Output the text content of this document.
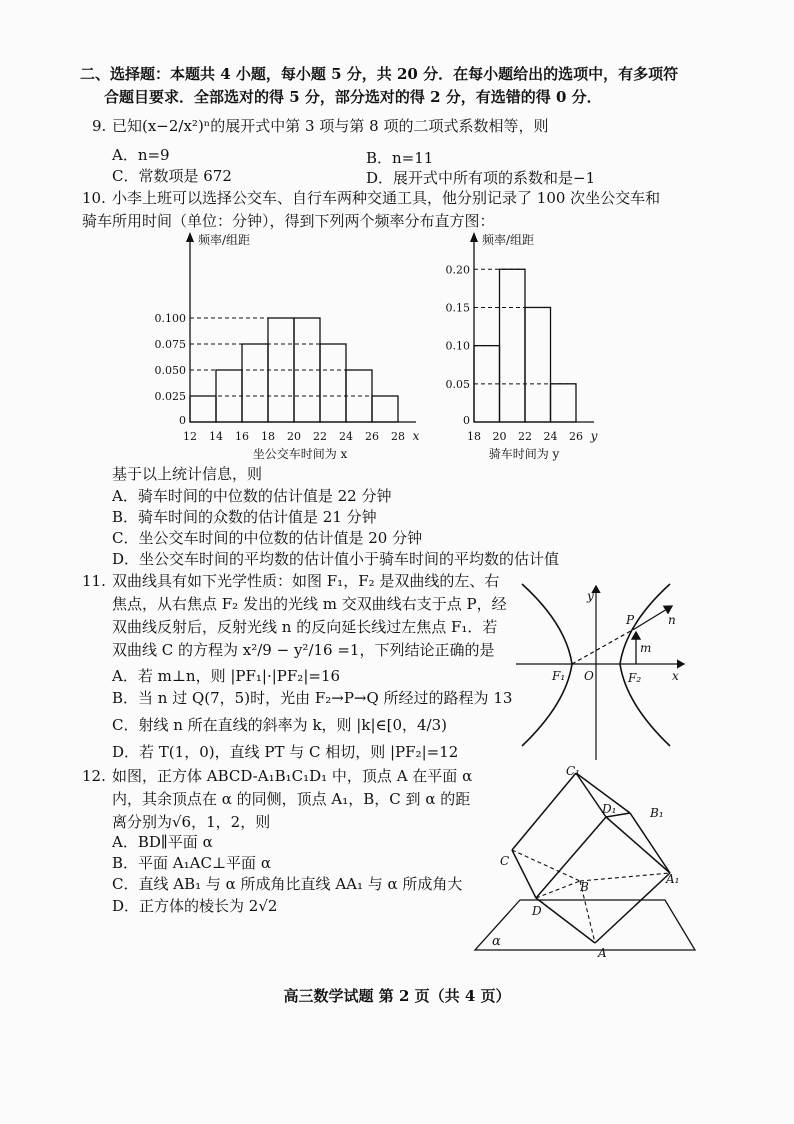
二、选择题：本题共 4 小题，每小题 5 分，共 20 分．在每小题给出的选项中，有多项符
合题目要求．全部选对的得 5 分，部分选对的得 2 分，有选错的得 0 分．
9. 已知(x−2/x²)ⁿ的展开式中第 3 项与第 8 项的二项式系数相等，则
A．n=9	B．n=11
C．常数项是 672	D．展开式中所有项的系数和是−1
10. 小李上班可以选择公交车、自行车两种交通工具，他分别记录了 100 次坐公交车和
骑车所用时间（单位：分钟），得到下列两个频率分布直方图：
0.025
0.050
0.075
0.100
0
12 14 16 18 20 22 24 26 28 x
频率/组距
坐公交车时间为 x
0.05
0.10
0.15
0.20
0
18 20 22 24 26 y
频率/组距
骑车时间为 y
基于以上统计信息，则
A．骑车时间的中位数的估计值是 22 分钟
B．骑车时间的众数的估计值是 21 分钟
C．坐公交车时间的中位数的估计值是 20 分钟
D．坐公交车时间的平均数的估计值小于骑车时间的平均数的估计值
11. 双曲线具有如下光学性质：如图 F₁，F₂ 是双曲线的左、右
焦点，从右焦点 F₂ 发出的光线 m 交双曲线右支于点 P，经
双曲线反射后，反射光线 n 的反向延长线过左焦点 F₁．若
双曲线 C 的方程为 x²/9 − y²/16 =1，下列结论正确的是
A．若 m⊥n，则 |PF₁|·|PF₂|=16
B．当 n 过 Q(7，5)时，光由 F₂→P→Q 所经过的路程为 13
C．射线 n 所在直线的斜率为 k，则 |k|∈[0，4/3)
D．若 T(1，0)，直线 PT 与 C 相切，则 |PF₂|=12
y
x
P	n
m
F₁ O	F₂
12. 如图，正方体 ABCD-A₁B₁C₁D₁ 中，顶点 A 在平面 α
内，其余顶点在 α 的同侧，顶点 A₁，B，C 到 α 的距
离分别为√6，1，2，则
A．BD∥平面 α
B．平面 A₁AC⊥平面 α
C．直线 AB₁ 与 α 所成角比直线 AA₁ 与 α 所成角大
D．正方体的棱长为 2√2
C₁
D₁	B₁
C
B
A₁
D
A
α
高三数学试题 第 2 页（共 4 页）
